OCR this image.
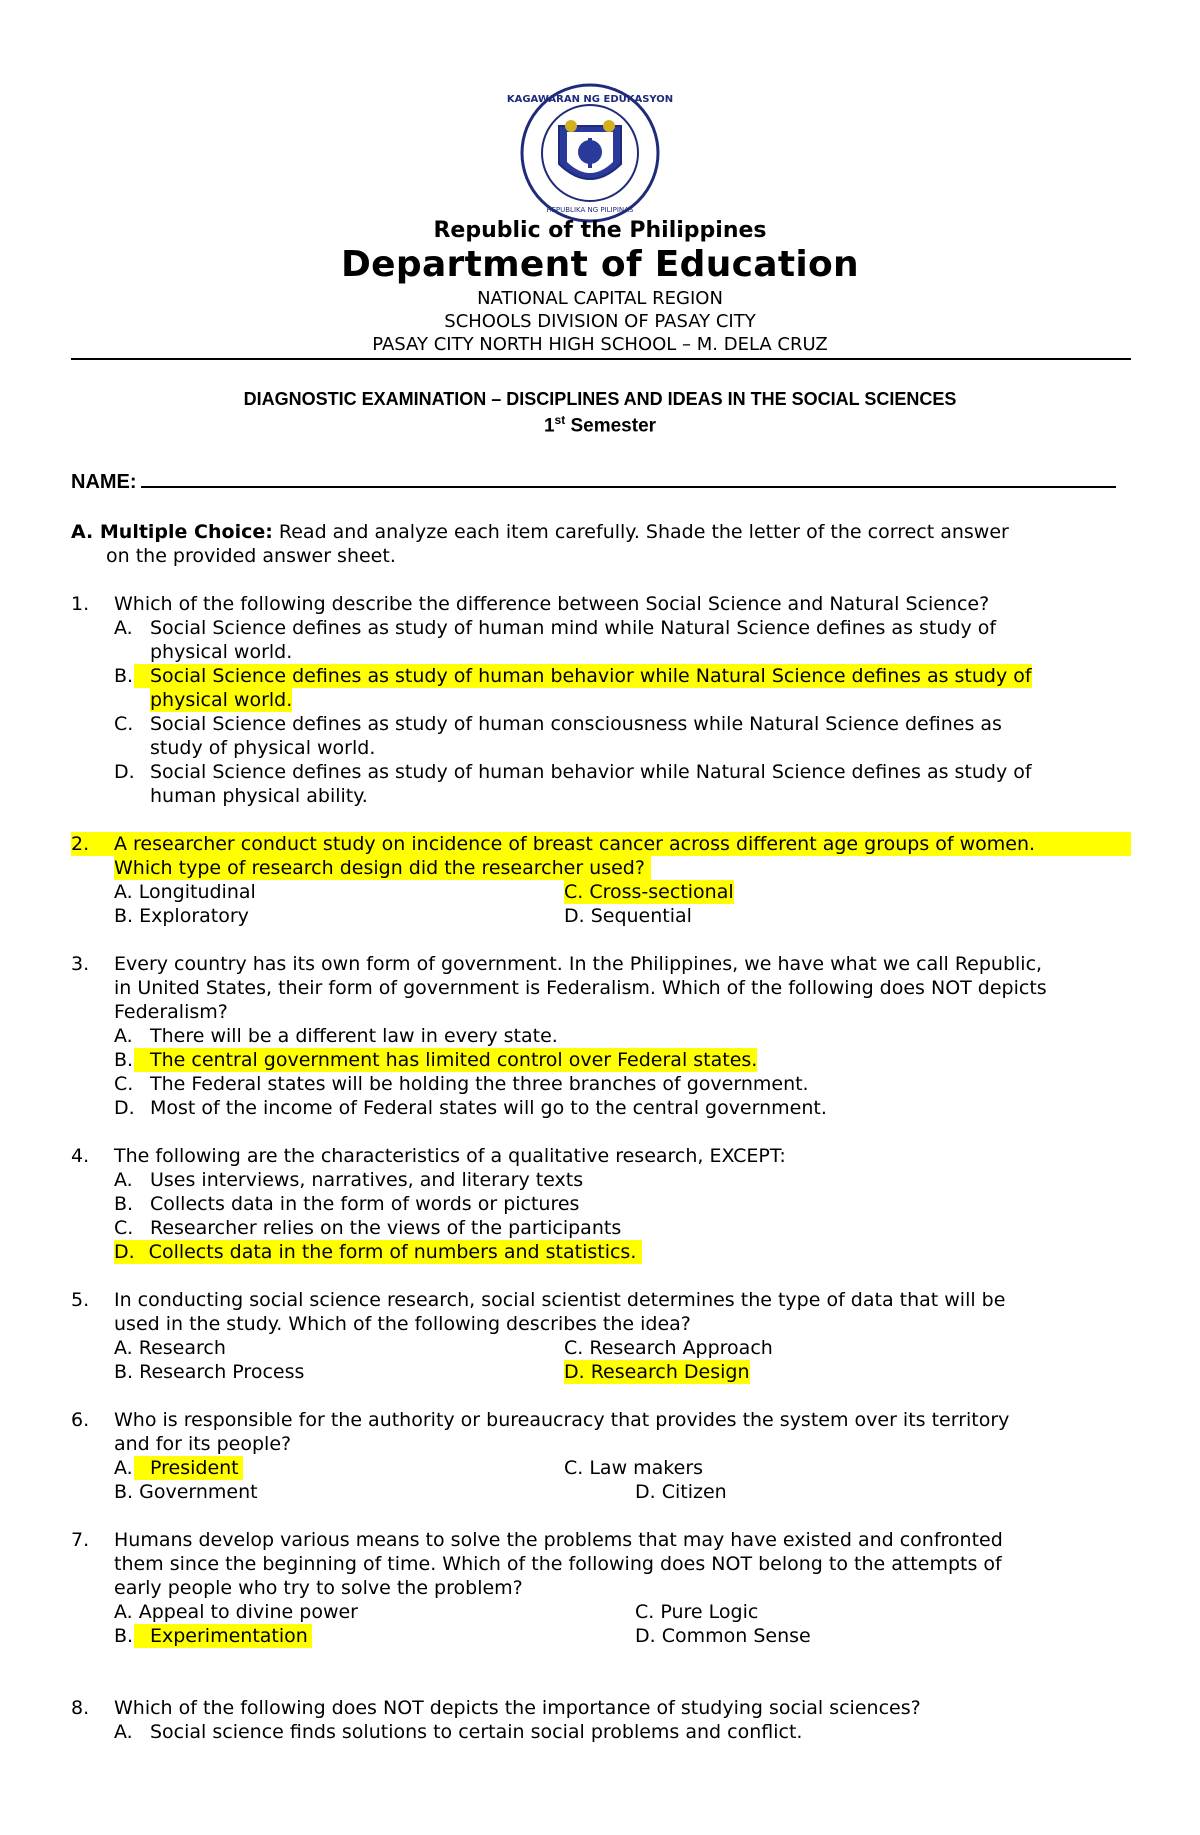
KAGAWARAN NG EDUKASYON
REPUBLIKA NG PILIPINAS
Republic of the Philippines
Department of Education
NATIONAL CAPITAL REGION
SCHOOLS DIVISION OF PASAY CITY
PASAY CITY NORTH HIGH SCHOOL – M. DELA CRUZ
DIAGNOSTIC EXAMINATION – DISCIPLINES AND IDEAS IN THE SOCIAL SCIENCES
1st Semester
NAME:
A. Multiple Choice: Read and analyze each item carefully. Shade the letter of the correct answer
on the provided answer sheet.
1. Which of the following describe the difference between Social Science and Natural Science?
A. Social Science defines as study of human mind while Natural Science defines as study of
physical world.
B. Social Science defines as study of human behavior while Natural Science defines as study of
physical world.
C. Social Science defines as study of human consciousness while Natural Science defines as
study of physical world.
D. Social Science defines as study of human behavior while Natural Science defines as study of
human physical ability.
2. A researcher conduct study on incidence of breast cancer across different age groups of women.
Which type of research design did the researcher used?
A. Longitudinal	C. Cross-sectional
B. Exploratory	D. Sequential
3. Every country has its own form of government. In the Philippines, we have what we call Republic,
in United States, their form of government is Federalism. Which of the following does NOT depicts
Federalism?
A. There will be a different law in every state.
B. The central government has limited control over Federal states.
C. The Federal states will be holding the three branches of government.
D. Most of the income of Federal states will go to the central government.
4. The following are the characteristics of a qualitative research, EXCEPT:
A. Uses interviews, narratives, and literary texts
B. Collects data in the form of words or pictures
C. Researcher relies on the views of the participants
D. Collects data in the form of numbers and statistics.
5. In conducting social science research, social scientist determines the type of data that will be
used in the study. Which of the following describes the idea?
A. Research	C. Research Approach
B. Research Process	D. Research Design
6. Who is responsible for the authority or bureaucracy that provides the system over its territory
and for its people?
A. President	C. Law makers
B. Government	D. Citizen
7. Humans develop various means to solve the problems that may have existed and confronted
them since the beginning of time. Which of the following does NOT belong to the attempts of
early people who try to solve the problem?
A. Appeal to divine power	C. Pure Logic
B. Experimentation	D. Common Sense
8. Which of the following does NOT depicts the importance of studying social sciences?
A. Social science finds solutions to certain social problems and conflict.
